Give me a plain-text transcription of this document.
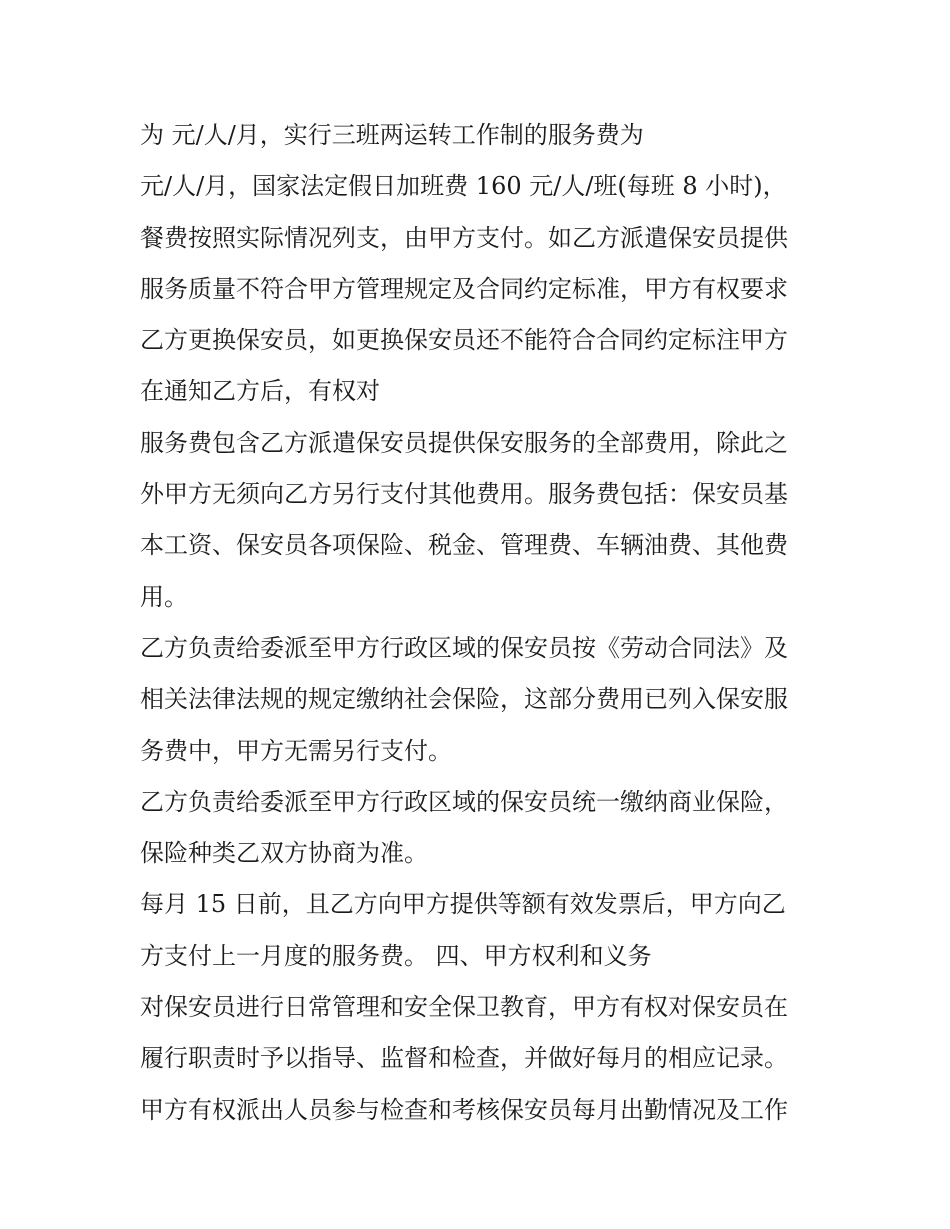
为 元/人/月，实行三班两运转工作制的服务费为
元/人/月，国家法定假日加班费 160 元/人/班(每班 8 小时)，
餐费按照实际情况列支，由甲方支付。如乙方派遣保安员提供
服务质量不符合甲方管理规定及合同约定标准，甲方有权要求
乙方更换保安员，如更换保安员还不能符合合同约定标注甲方
在通知乙方后，有权对
服务费包含乙方派遣保安员提供保安服务的全部费用，除此之
外甲方无须向乙方另行支付其他费用。服务费包括：保安员基
本工资、保安员各项保险、税金、管理费、车辆油费、其他费
用。
乙方负责给委派至甲方行政区域的保安员按《劳动合同法》及
相关法律法规的规定缴纳社会保险，这部分费用已列入保安服
务费中，甲方无需另行支付。
乙方负责给委派至甲方行政区域的保安员统一缴纳商业保险，
保险种类乙双方协商为准。
每月 15 日前，且乙方向甲方提供等额有效发票后，甲方向乙
方支付上一月度的服务费。 四、甲方权利和义务
对保安员进行日常管理和安全保卫教育，甲方有权对保安员在
履行职责时予以指导、监督和检查，并做好每月的相应记录。
甲方有权派出人员参与检查和考核保安员每月出勤情况及工作
